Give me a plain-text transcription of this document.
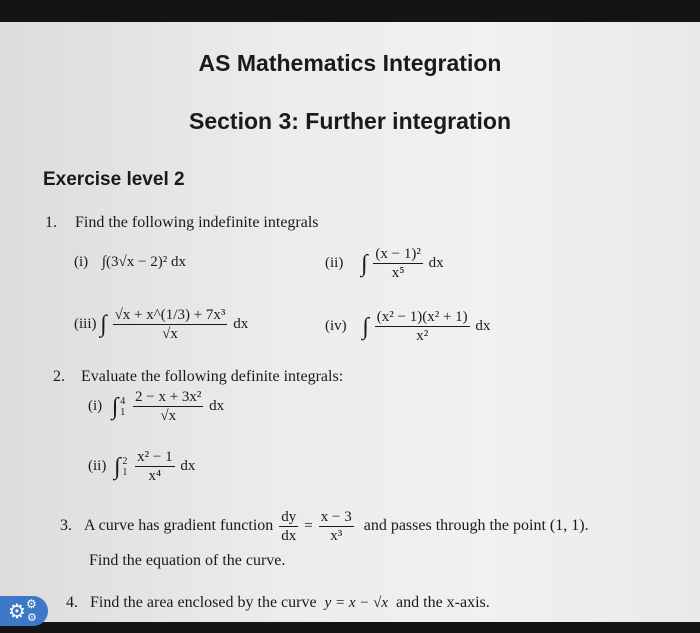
AS Mathematics Integration
Section 3: Further integration
Exercise level 2
1. Find the following indefinite integrals
(i) ∫(3√x − 2)² dx	(ii) ∫ $\frac{\text{(x − 1)²}}{\text{x⁵}}$ dx
(iii) ∫ $\frac{\text{√x + x\textasciicircum{}(1/3) + 7x³}}{√x}$ dx	(iv) ∫ $\frac{\text{(x² − 1)(x² + 1)}}{\text{x²}}$ dx
2. Evaluate the following definite integrals:
(i) ∫ 4
1
$\frac{\text{2 − x + 3x²}}{√x}$ dx
(ii) ∫ 2
1
$\frac{\text{x² − 1}}{\text{x⁴}}$ dx
3. A curve has gradient function $\frac{dy}{dx} = \frac{x - 3}{\text{x³}}$ and passes through the point (1, 1).
Find the equation of the curve.
4. Find the area enclosed by the curve y = x − √x and the x-axis.
⚙ ⚙
⚙
